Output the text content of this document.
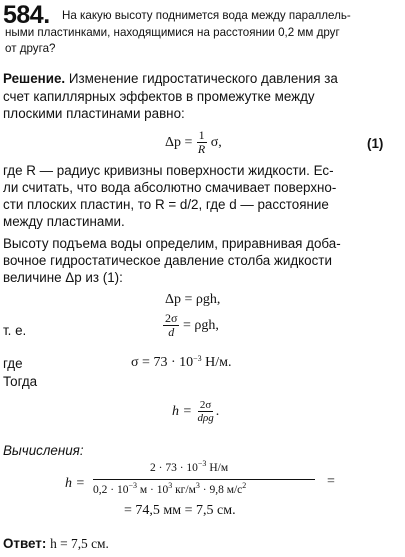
584. На какую высоту поднимется вода между параллель-
ными пластинками, находящимися на расстоянии 0,2 мм друг
от друга?
Решение. Изменение гидростатического давления за
счет капиллярных эффектов в промежутке между
плоскими пластинами равно:
$\Delta p = \frac{1}{R} \sigma$,	(1)
где R — радиус кривизны поверхности жидкости. Ес-
ли считать, что вода абсолютно смачивает поверхно-
сти плоских пластин, то R = d/2, где d — расстояние
между пластинами.
Высоту подъема воды определим, приравнивая доба-
вочное гидростатическое давление столба жидкости
величине Δp из (1):
Δp = ρgh,
т. е.	$\frac{2\sigma}{d} = \rho gh$,
где	$\sigma = 73 \cdot 10^{-3}$ Н/м.
Тогда
$h = \frac{2\sigma}{\text{dρg}}$ .
Вычисления:
h =
$2 \cdot 73 \cdot 10^{-3}$ Н/м
$0,2 \cdot 10^{-3}$ $м \cdot 10^3$ $кг/м^3 \cdot 9,8$ $м/с^2$	=
= 74,5 мм = 7,5 см.
Ответ: h = 7,5 см.
